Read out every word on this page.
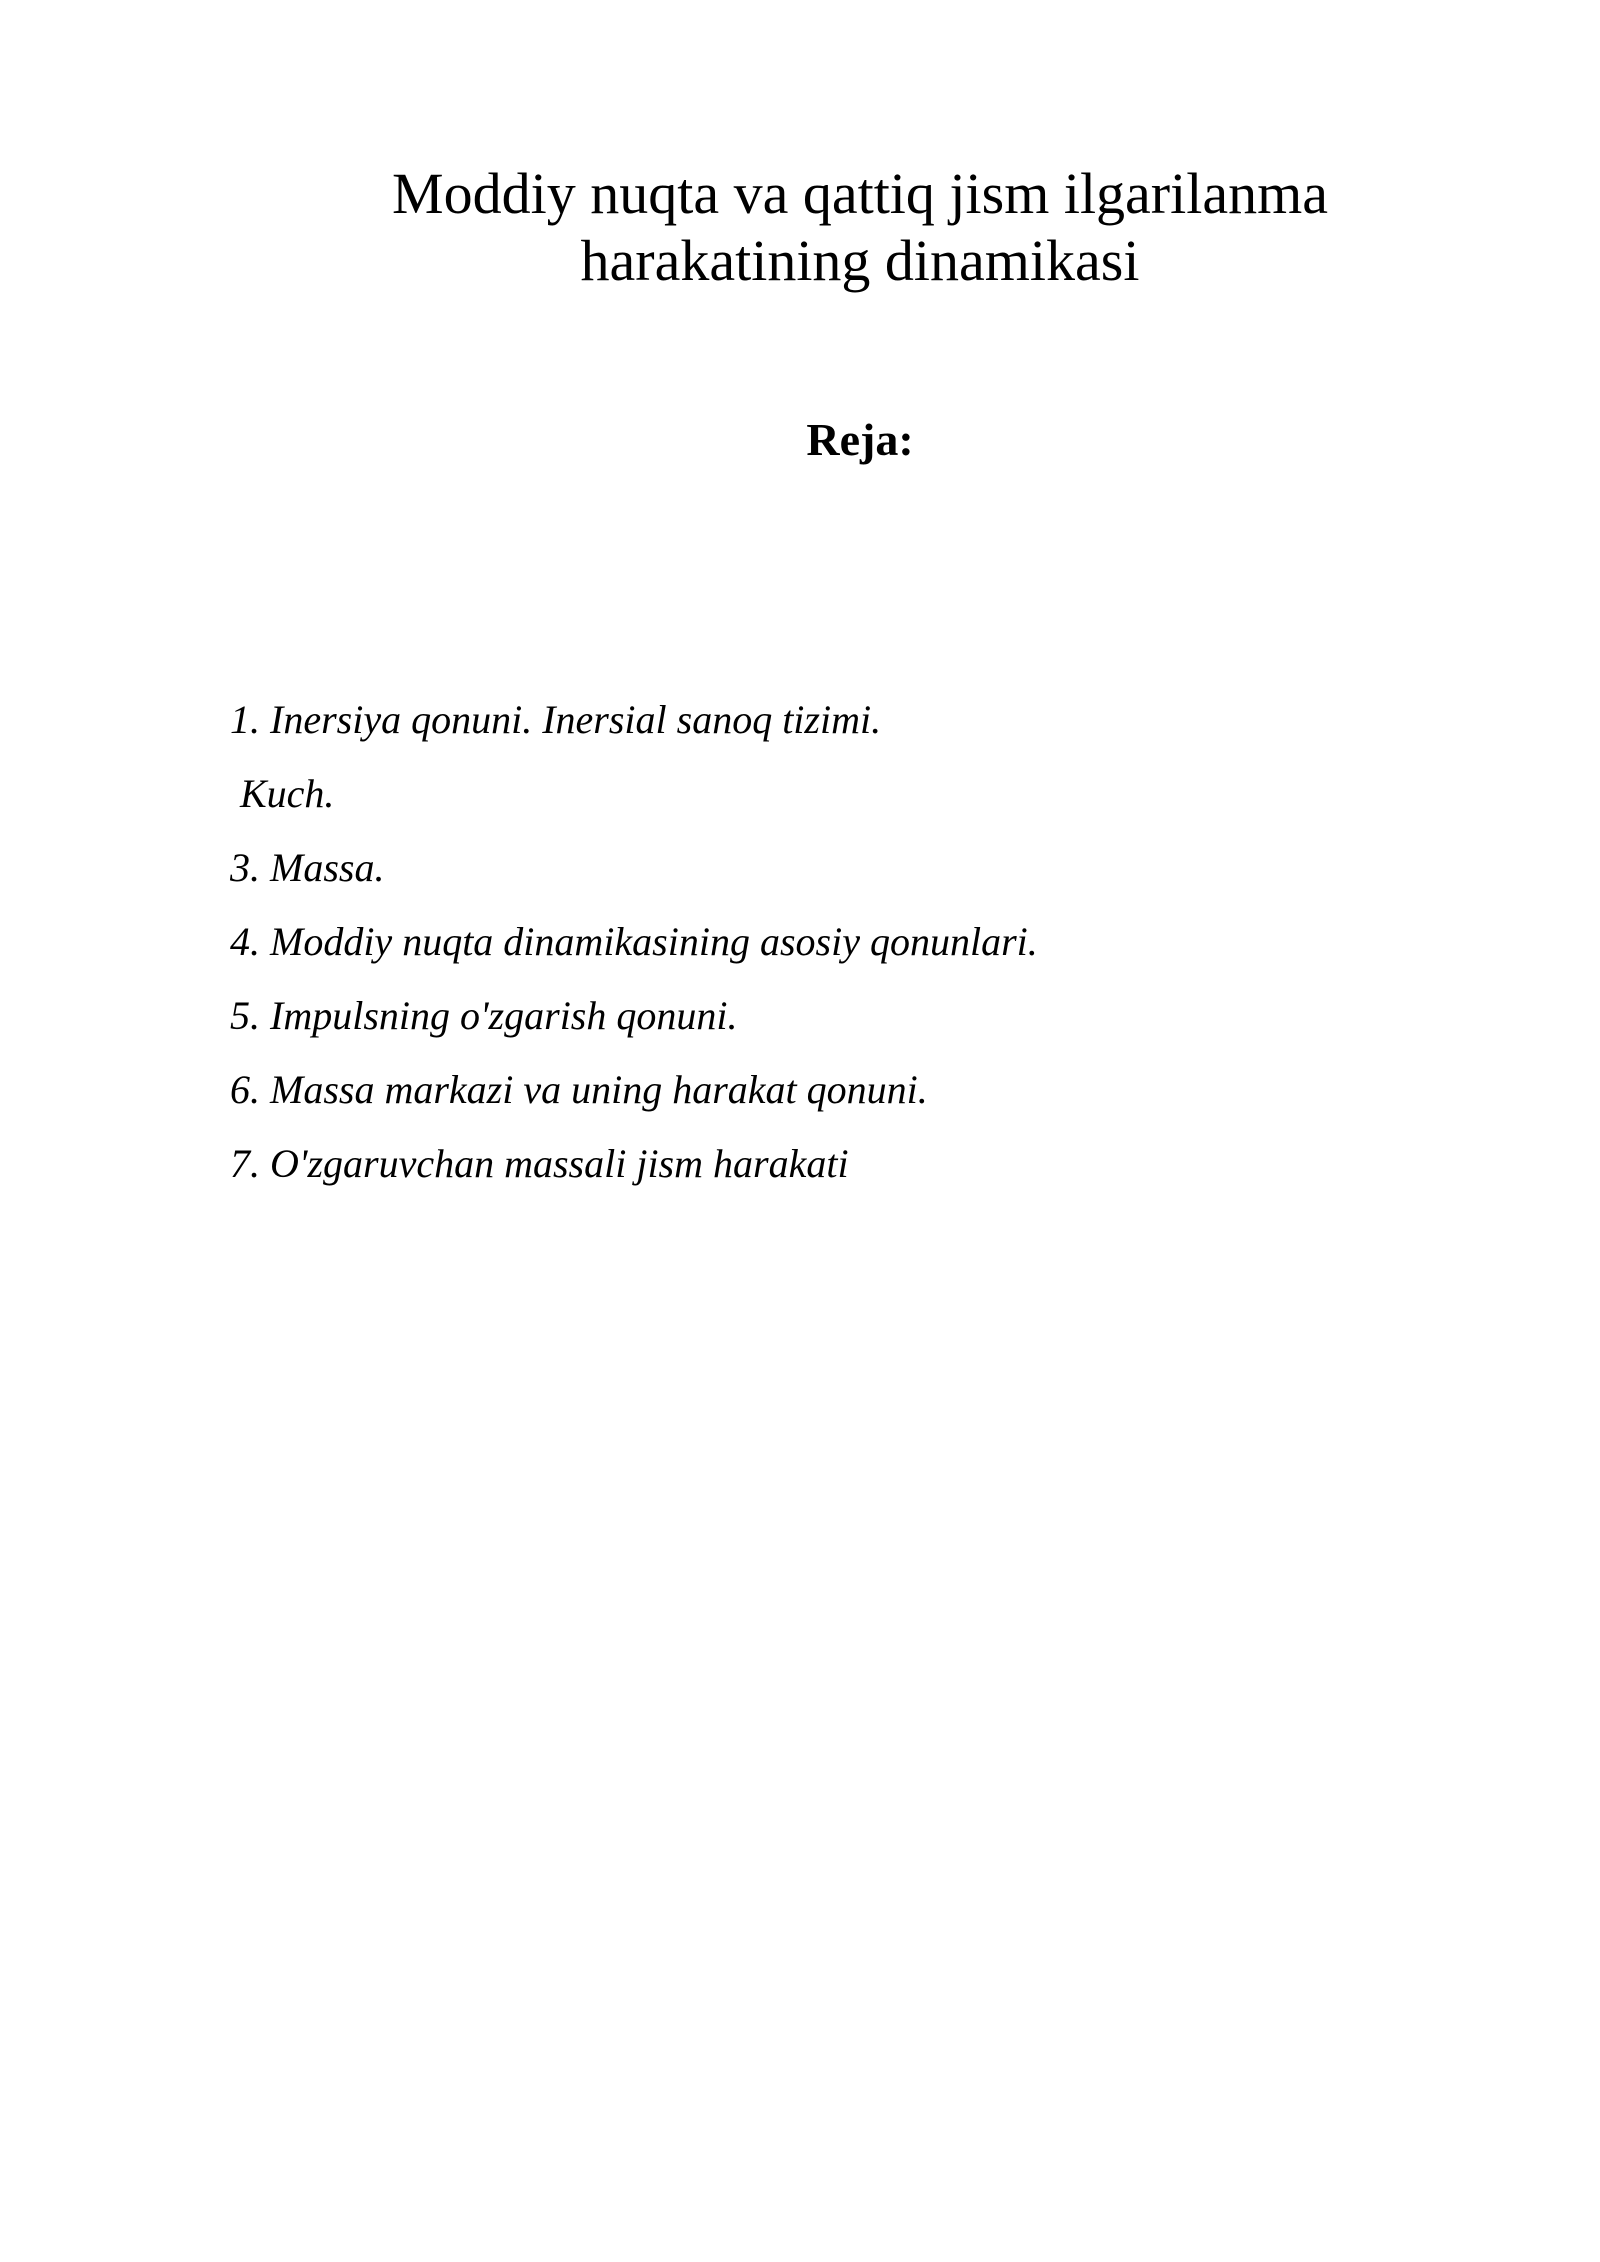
Moddiy nuqta va qattiq jism ilgarilanma
harakatining dinamikasi
Reja:
1. Inersiya qonuni. Inersial sanoq tizimi.
Kuch.
3. Massa.
4. Moddiy nuqta dinamikasining asosiy qonunlari.
5. Impulsning o'zgarish qonuni.
6. Massa markazi va uning harakat qonuni.
7. O'zgaruvchan massali jism harakati
